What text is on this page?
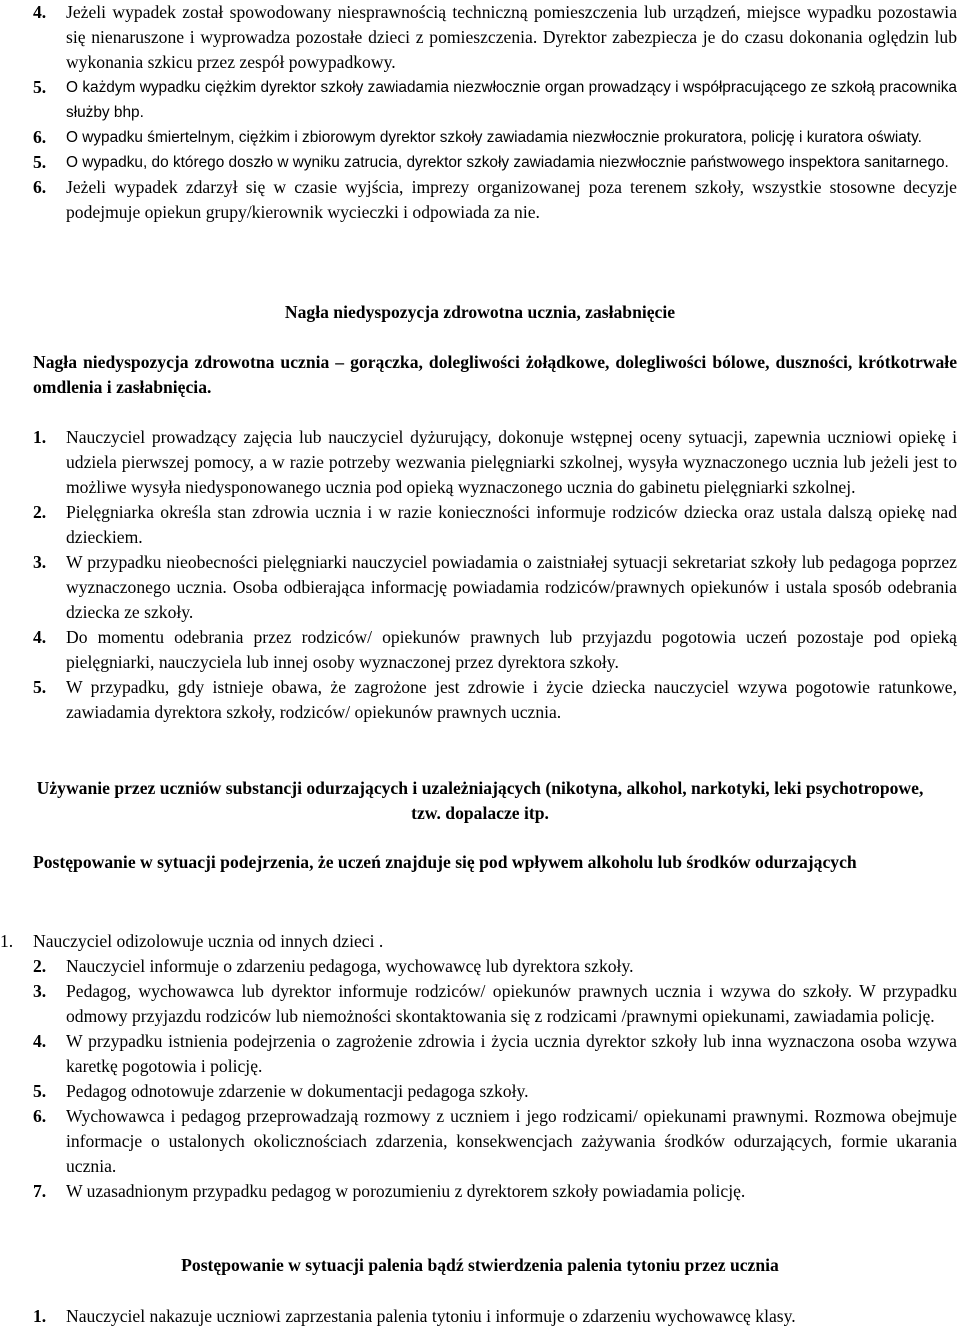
4. Jeżeli wypadek został spowodowany niesprawnością techniczną pomieszczenia lub urządzeń, miejsce wypadku pozostawia się nienaruszone i wyprowadza pozostałe dzieci z pomieszczenia. Dyrektor zabezpiecza je do czasu dokonania oględzin lub wykonania szkicu przez zespół powypadkowy.
5. O każdym wypadku ciężkim dyrektor szkoły zawiadamia niezwłocznie organ prowadzący i współpracującego ze szkołą pracownika służby bhp.
6. O wypadku śmiertelnym, ciężkim i zbiorowym dyrektor szkoły zawiadamia niezwłocznie prokuratora, policję i kuratora oświaty.
5. O wypadku, do którego doszło w wyniku zatrucia, dyrektor szkoły zawiadamia niezwłocznie państwowego inspektora sanitarnego.
6. Jeżeli wypadek zdarzył się w czasie wyjścia, imprezy organizowanej poza terenem szkoły, wszystkie stosowne decyzje podejmuje opiekun grupy/kierownik wycieczki i odpowiada za nie.
Nagła niedyspozycja zdrowotna ucznia, zasłabnięcie
Nagła niedyspozycja zdrowotna ucznia – gorączka, dolegliwości żołądkowe, dolegliwości bólowe, duszności, krótkotrwałe omdlenia i zasłabnięcia.
1. Nauczyciel prowadzący zajęcia lub nauczyciel dyżurujący, dokonuje wstępnej oceny sytuacji, zapewnia uczniowi opiekę i udziela pierwszej pomocy, a w razie potrzeby wezwania pielęgniarki szkolnej, wysyła wyznaczonego ucznia lub jeżeli jest to możliwe wysyła niedysponowanego ucznia pod opieką wyznaczonego ucznia do gabinetu pielęgniarki szkolnej.
2. Pielęgniarka określa stan zdrowia ucznia i w razie konieczności informuje rodziców dziecka oraz ustala dalszą opiekę nad dzieckiem.
3. W przypadku nieobecności pielęgniarki nauczyciel powiadamia o zaistniałej sytuacji sekretariat szkoły lub pedagoga poprzez wyznaczonego ucznia. Osoba odbierająca informację powiadamia rodziców/prawnych opiekunów i ustala sposób odebrania dziecka ze szkoły.
4. Do momentu odebrania przez rodziców/ opiekunów prawnych lub przyjazdu pogotowia uczeń pozostaje pod opieką pielęgniarki, nauczyciela lub innej osoby wyznaczonej przez dyrektora szkoły.
5. W przypadku, gdy istnieje obawa, że zagrożone jest zdrowie i życie dziecka nauczyciel wzywa pogotowie ratunkowe, zawiadamia dyrektora szkoły, rodziców/ opiekunów prawnych ucznia.
Używanie przez uczniów substancji odurzających i uzależniających (nikotyna, alkohol, narkotyki, leki psychotropowe, tzw. dopalacze itp.
Postępowanie w sytuacji podejrzenia, że uczeń znajduje się pod wpływem alkoholu lub środków odurzających
1. Nauczyciel odizolowuje ucznia od innych dzieci .
2. Nauczyciel informuje o zdarzeniu pedagoga, wychowawcę lub dyrektora szkoły.
3. Pedagog, wychowawca lub dyrektor informuje rodziców/ opiekunów prawnych ucznia i wzywa do szkoły. W przypadku odmowy przyjazdu rodziców lub niemożności skontaktowania się z rodzicami /prawnymi opiekunami, zawiadamia policję.
4. W przypadku istnienia podejrzenia o zagrożenie zdrowia i życia ucznia dyrektor szkoły lub inna wyznaczona osoba wzywa karetkę pogotowia i policję.
5. Pedagog odnotowuje zdarzenie w dokumentacji pedagoga szkoły.
6. Wychowawca i pedagog przeprowadzają rozmowy z uczniem i jego rodzicami/ opiekunami prawnymi. Rozmowa obejmuje informacje o ustalonych okolicznościach zdarzenia, konsekwencjach zażywania środków odurzających, formie ukarania ucznia.
7. W uzasadnionym przypadku pedagog w porozumieniu z dyrektorem szkoły powiadamia policję.
Postępowanie w sytuacji palenia bądź stwierdzenia palenia tytoniu przez ucznia
1. Nauczyciel nakazuje uczniowi zaprzestania palenia tytoniu i informuje o zdarzeniu wychowawcę klasy.
